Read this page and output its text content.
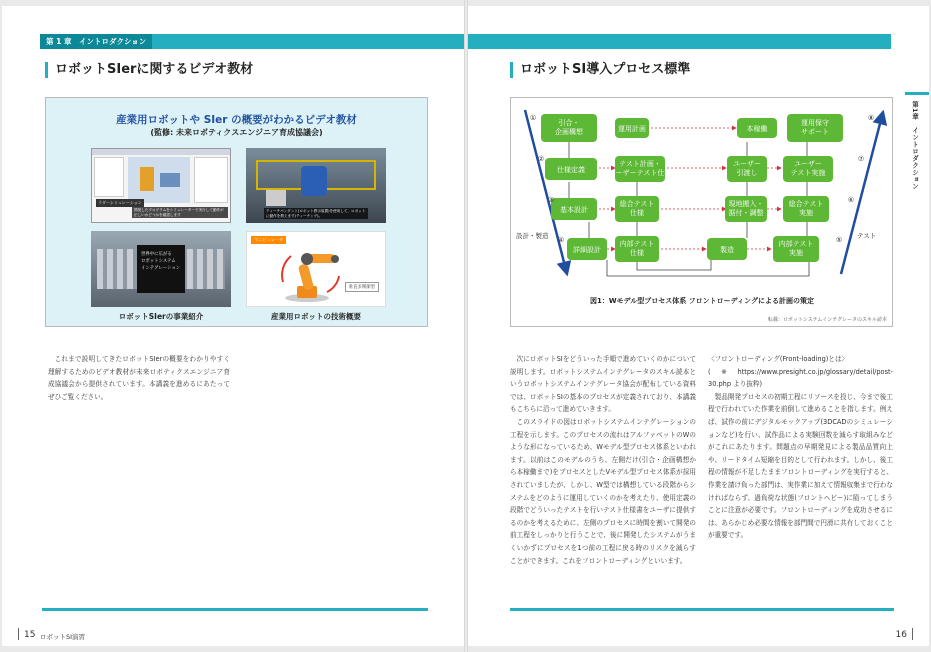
第 1 章　イントロダクション
ロボットSIerに関するビデオ教材
産業用ロボットや SIer の概要がわかるビデオ教材
(監修: 未来ロボティクスエンジニア育成協議会)
ラダーシミュレーション
開発したプログラムをシミュレーターで実行して動作が正しいかどうかを確認します
ティーチペンダント(ロボット教示装置)を使用して、ロボットに動作を教えます(ティーチング)。
世界中に広がる
ロボットシステム
インテグレーション
マニピュレータ
垂直多関節型
ロボットSIerの事業紹介	産業用ロボットの技術概要

これまで説明してきたロボットSIerの概要をわかりやすく理解するためのビデオ教材が未来ロボティクスエンジニア育成協議会から提供されています。本講義を進めるにあたってぜひご覧ください。

15 ロボットSI演習
ロボットSI導入プロセス標準
第1章　イントロダクション
引合・企画構想	運用計画	本稼働
運用保守サポート
仕様定義
テスト計画・ユーザーテスト仕様
ユーザー引渡し
ユーザーテスト実施
基本設計
総合テスト仕様
現地搬入・据付・調整
総合テスト実施
詳細設計
内部テスト仕様	製造
内部テスト実施
①
②
③
④
⑧
⑦
⑥
⑤
設計・製造	テスト
図1：Wモデル型プロセス体系 フロントローディングによる計画の策定
転載：ロボットシステムインテグレータのスキル読本

次にロボットSIをどういった手順で進めていくのかについて説明します。ロボットシステムインテグレータのスキル読本というロボットシステムインテグレータ協会が配布している資料では、ロボットSIの基本のプロセスが定義されており、本講義もこちらに沿って進めていきます。

このスライドの図はロボットシステムインテグレーションの工程を示します。このプロセスの流れはアルファベットのWのような形になっているため、Wモデル型プロセス体系といわれます。以前はこのモデルのうち、左側だけ(引合・企画構想から本稼働まで)をプロセスとしたVモデル型プロセス体系が採用されていましたが、しかし、W型では構想している段階からシステムをどのように運用していくのかを考えたり、使用定義の段階でどういったテストを行いテスト仕様書をユーザに提供するのかを考えるために、左側のプロセスに時間を割いて開発の前工程をしっかりと行うことで、後に開発したシステムがうまくいかずにプロセスを1つ前の工程に戻る時のリスクを減らすことができます。これをフロントローディングといいます。

〈フロントローディング(Front-loading)とは〉

(※https://www.presight.co.jp/glossary/detail/post-30.php より抜粋)

製品開発プロセスの初期工程にリソースを投じ、今まで後工程で行われていた作業を前倒して進めることを指します。例えば、試作の前にデジタルモックアップ(3DCADのシミュレーションなど)を行い、試作品による実験回数を減らす取組みなどがこれにあたります。問題点の早期発見による製品品質向上や、リードタイム短縮を目的として行われます。しかし、後工程の情報が不足したままフロントローディングを実行すると、作業を請け負った部門は、実作業に加えて情報収集まで行わなければならず、過負荷な状態(フロントヘビー)に陥ってしまうことに注意が必要です。フロントローディングを成功させるには、あらかじめ必要な情報を部門間で円滑に共有しておくことが重要です。

16
